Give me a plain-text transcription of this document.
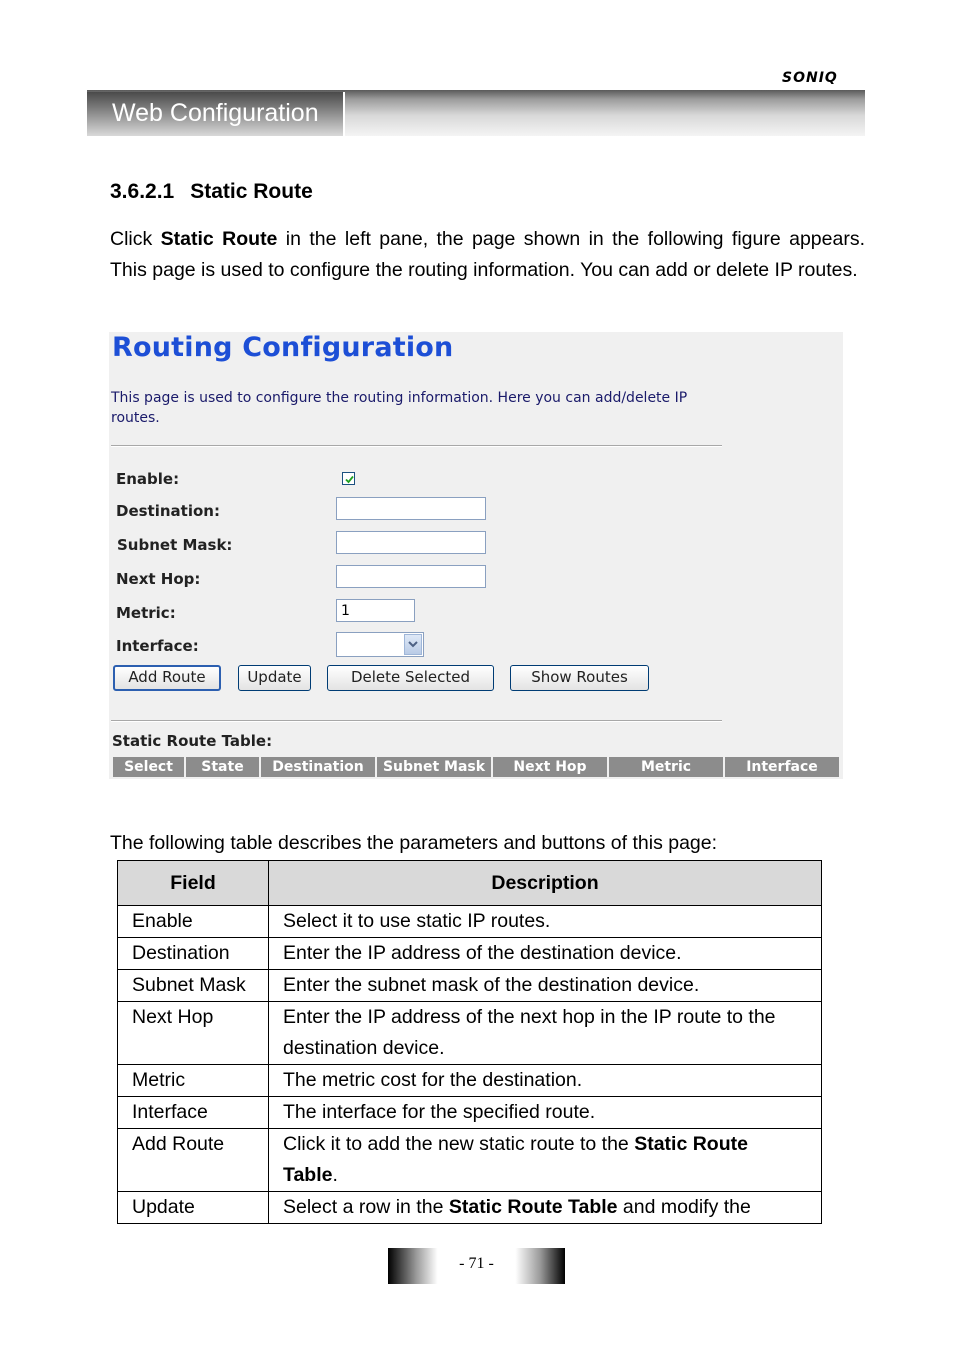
SONIQ
Web Configuration
3.6.2.1 Static Route

Click Static Route in the left pane, the page shown in the following figure appears. This page is used to configure the routing information. You can add or delete IP routes.

Routing Configuration
This page is used to configure the routing information. Here you can add/delete IP routes.
Enable:
Destination:
Subnet Mask:
Next Hop:
Metric:	1
Interface:
Add Route	Update	Delete Selected	Show Routes
Static Route Table:
Select	State	Destination	Subnet Mask	Next Hop	Metric	Interface

The following table describes the parameters and buttons of this page:

Field	Description
Enable	Select it to use static IP routes.
Destination	Enter the IP address of the destination device.
Subnet Mask	Enter the subnet mask of the destination device.
Next Hop	Enter the IP address of the next hop in the IP route to the destination device.
Metric	The metric cost for the destination.
Interface	The interface for the specified route.
Add Route	Click it to add the new static route to the Static Route Table.
Update	Select a row in the Static Route Table and modify the
- 71 -
